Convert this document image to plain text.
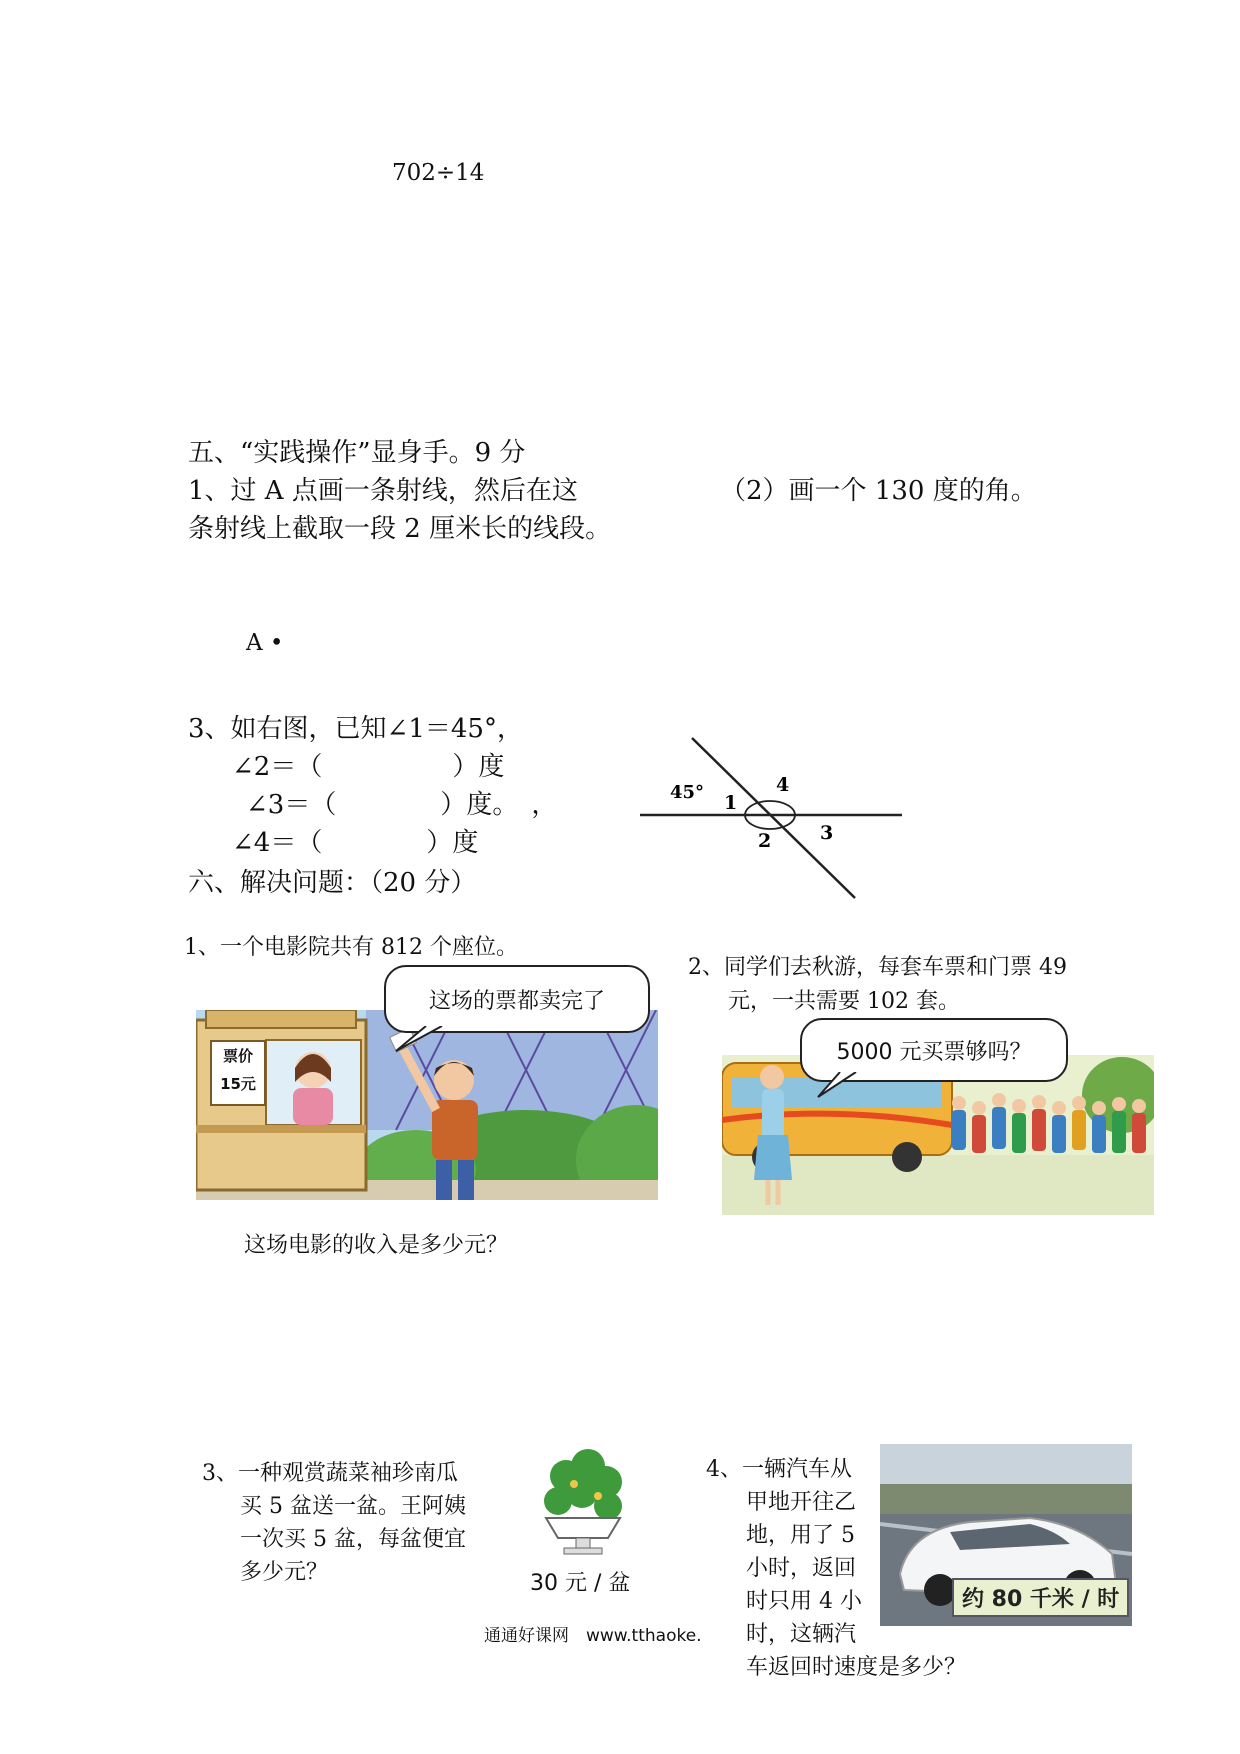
702÷14
五、“实践操作”显身手。9 分
1、过 A 点画一条射线，然后在这
条射线上截取一段 2 厘米长的线段。
（2）画一个 130 度的角。
A •
3、如右图，已知∠1＝45°，
∠2＝（　　　　　）度
∠3＝（　　　　）度。　，
∠4＝（　　　　）度
45° 1
4
2	3
六、解决问题：（20 分）
1、一个电影院共有 812 个座位。
票价
15元
这场的票都卖完了
这场电影的收入是多少元？
2、同学们去秋游，每套车票和门票 49
元，一共需要 102 套。
5000 元买票够吗？
3、一种观赏蔬菜袖珍南瓜
买 5 盆送一盆。王阿姨
一次买 5 盆，每盆便宜
多少元？	30 元 / 盆
4、一辆汽车从
甲地开往乙
地，用了 5
小时，返回
时只用 4 小
时，这辆汽
车返回时速度是多少？
约 80 千米 / 时
通通好课网　www.tthaoke.
